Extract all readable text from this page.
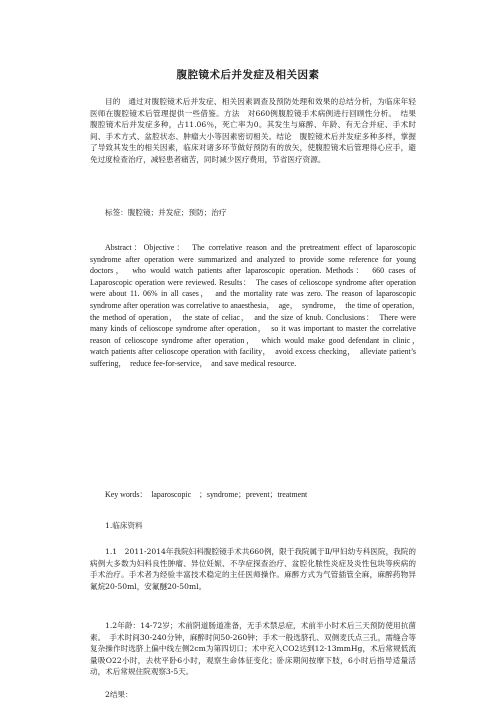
腹腔镜术后并发症及相关因素
目的　通过对腹腔镜术后并发症、相关因素调查及预防处理和效果的总结分析，为临床年轻医师在腹腔镜术后管理提供一些借鉴。方法　对660例腹腔镜手术病例进行回顾性分析。　结果　腹腔镜术后并发症多种，占11.06％，死亡率为0。其发生与麻醉、年龄、有无合并症、手术时间、手术方式、盆腔状态、肿瘤大小等因素密切相关。结论　腹腔镜术后并发症多种多样，掌握了导致其发生的相关因素，临床对诸多环节做好预防有的放矢，使腹腔镜术后管理得心应手，避免过度检查治疗，减轻患者痛苦，同时减少医疗费用，节省医疗资源。
标签：腹腔镜；并发症；预防；治疗
Abstract：Objective：　The correlative reason and the pretreatment effect of laparoscopic syndrome after operation were summarized and analyzed to provide some reference for young doctors，　who would watch patients after laparoscopic operation. Methods：　660 cases of Laparoscopic operation were reviewed. Results：　The cases of celioscope syndrome after operation were about 11. 06% in all cases，　and the mortality rate was zero. The reason of laparoscopic syndrome after operation was correlative to anaesthesia，　age，　syndrome，　the time of operation，　the method of operation，　the state of celiac，　and the size of knub. Conclusions：　There were many kinds of celioscope syndrome after operation，　so it was important to master the correlative reason of celioscope syndrome after operation，　which would make good defendant in clinic，　watch patients after celioscope operation with facility，　avoid excess checking，　alleviate patient’s suffering，　reduce fee-for-service，　and save medical resource.
Key words：　laparoscopic　；syndrome；prevent；treatment
1.临床资料
1.1　2011-2014年我院妇科腹腔镜手术共660例，限于我院属于Ⅱ/甲妇幼专科医院，我院的病例大多数为妇科良性肿瘤、异位妊娠、不孕症探查治疗、盆腔化脓性炎症及炎性包块等疾病的手术治疗。手术者为经验丰富技术稳定的主任医师操作。麻醉方式为气管插管全麻，麻醉药物异氟烷20-50ml，安氟醚20-50ml。
1.2年龄：14-72岁；术前阴道肠道准备，无手术禁忌症，术前半小时术后三天预防使用抗菌素。　手术时间30-240分钟，麻醉时间50-260钟；手术一般选脐孔、双侧麦氏点三孔，需缝合等复杂操作时选脐上偏中线左侧2cm为第四切口；术中充入CO2达到12-13mmHg，术后常规低流量吸O22小时，去枕平卧6小时，观察生命体征变化；卧床期间按摩下肢，6小时后指导适量活动，术后常规住院观察3-5天。
2结果：
